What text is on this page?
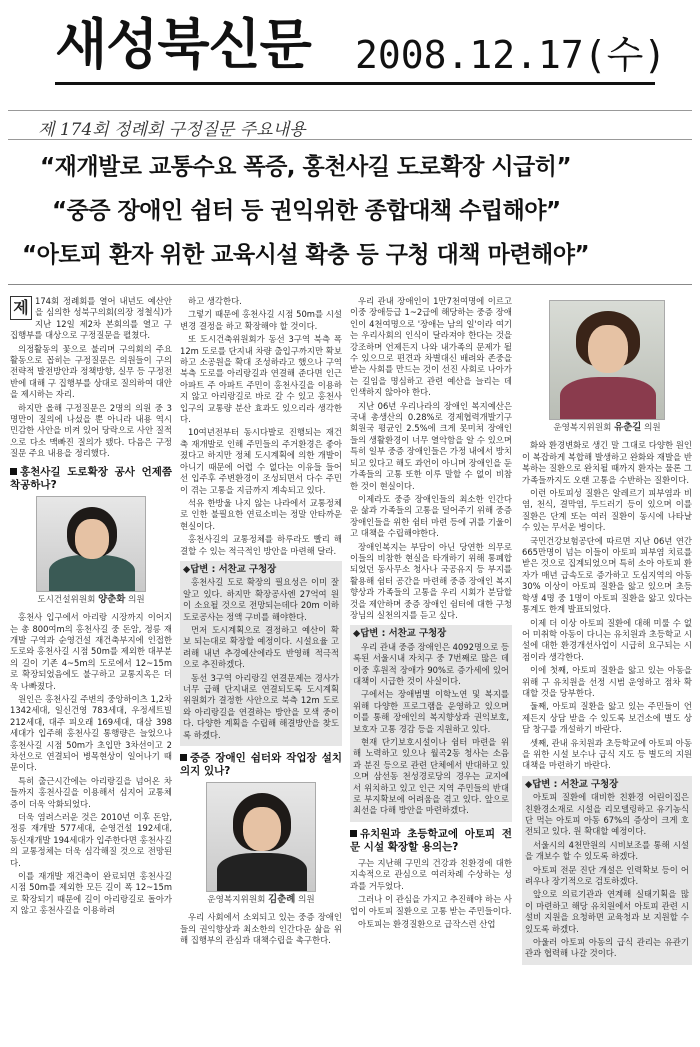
새성북신문 2008.12.17(수)
제 174회 정례회 구정질문 주요내용
“재개발로 교통수요 폭증, 홍천사길 도로확장 시급히”
“중증 장애인 쉼터 등 권익위한 종합대책 수립해야”
“아토피 환자 위한 교육시설 확충 등 구청 대책 마련해야”

제 174회 정례회를 열어 내년도 예산안을 심의한 성북구의회(의장 정철식)가 지난 12일 제2차 본회의를 열고 구 집행부를 대상으로 구정질문을 펼쳤다.

의정활동의 꽃으로 불리며 구의회의 주요 활동으로 꼽히는 구정질문은 의원들이 구의 전략적 발전방안과 정책방향, 실무 등 구정전반에 대해 구 집행부를 상대로 질의하여 대안을 제시하는 자리.

하지만 올해 구정질문은 2명의 의원 중 3명만이 질의에 나섰을 뿐 아니라 내용 역시 민감한 사안을 비켜 있어 당락으로 사안 질적으로 다소 맥빠진 질의가 됐다. 다음은 구정질문 주요 내용을 정리했다.

홍천사길 도로확장 공사 언제쯤 착공하나?
도시건설위원회 양춘화 의원

홍천사 입구에서 아리랑 시장까지 이어지는 총 800여m의 홍천사길 중 돈암, 정릉 재개발 구역과 순영건설 재건축부지에 인접한 도로와 홍천사길 시점 50m를 제외한 대부분의 길이 기존 4~5m의 도로에서 12~15m로 확장되었음에도 불구하고 교통지옥은 더욱 나빠졌다.

원인은 홍천사길 주변의 중앙하이츠 1,2차 1342세대, 일신건영 783세대, 우정세트빌 212세대, 대주 피오래 169세대, 대삼 398세대가 입주해 홍천사길 통행량은 늘었으나 홍천사길 시점 50m가 초입만 3차선이고 2차선으로 연결되어 병목현상이 일어나기 때문이다.

특히 출근시간에는 아리랑길을 넘어온 차들까지 홍천사길을 이용해서 심지어 교통체증이 더욱 악화되었다.

더욱 염려스러운 것은 2010년 이후 돈암, 정릉 재개발 577세대, 순영건설 192세대, 동신재개발 194세대가 입주한다면 홍천사길의 교통정체는 더욱 심각해질 것으로 전망된다.

이를 재개발 재건축이 완료되면 홍천사길 시점 50m를 제외한 모든 길이 폭 12~15m로 확장되기 때문에 길이 아리랑길로 돌아가지 않고 홍천사길을 이용하려

하고 생각한다.

그렇기 때문에 홍천사길 시점 50m를 시설변경 결정을 하고 확장해야 할 것이다.

또 도시건축위원회가 동선 3구역 북측 폭 12m 도로를 단지내 차량 출입구까지만 확보하고 소공원을 확대 조성하라고 했으나 구역 북측 도로를 아리랑길과 연결해 준다면 인근 아파트 주 아파트 주민이 홍천사길을 이용하지 않고 아리랑길로 바로 갈 수 있고 홍천사 입구의 교통량 분산 효과도 있으리라 생각한다.

10여년전부터 동시다발로 진행되는 재건축 재개발로 인해 주민들의 주거환경은 좋아졌다고 하지만 정체 도시계획에 의한 개발이 아니기 때문에 어렵 수 없다는 이유들 들어 선 입주후 주변환경이 조성되면서 다수 주민이 겪는 고통을 지금까지 계속되고 있다.

석유 한방울 나지 않는 나라에서 교통정체로 인한 불필요한 연료소비는 정말 안타까운 현실이다.

홍천사길의 교통정체를 하루라도 빨리 해결할 수 있는 적극적인 방안을 마련해 달라.

◆답변 : 서찬교 구청장

홍천사길 도로 확장의 필요성은 이미 잘 알고 있다. 하지만 확장공사엔 27억여 원이 소요될 것으로 전망되는데다 20m 이하 도로공사는 정액 구비를 해야한다.

먼저 도시계획으로 결정하고 예산이 확보 되는대로 확장할 예정이다. 시설요율 고려해 내년 추경예산에라도 반영해 적극적으로 추진하겠다.

동선 3구역 아리랑길 연결문제는 경사가 너무 급해 단지내로 연결되도록 도시계획위원회가 결정한 사안으로 북측 12m 도로와 아리랑길을 연결하는 방안을 모색 중이다. 다양한 계획을 수립해 해결방안을 찾도록 하겠다.

중증 장애인 쉼터와 작업장 설치 의지 있나?
운영복지위원회 김춘례 의원

우리 사회에서 소외되고 있는 중증 장애인들의 권익향상과 최소한의 인간다운 삶을 위해 집행부의 관심과 대책수립을 촉구한다.

우리 관내 장애인이 1만7천여명에 이르고 이중 장애등급 1~2급에 해당하는 중증 장애인이 4천여명으로 '장애는 남의 일'이라 여기는 우리사회의 인식이 달라져야 한다는 것을 강조하며 언제든지 나와 내가족의 문제가 될 수 있으므로 편견과 차별대신 배려와 존중을 받는 사회를 만드는 것이 선진 사회로 나아가는 길임을 명심하고 관련 예산을 늘리는 데 인색하지 않아야 한다.

지난 06년 우리나라의 장애인 복지예산은 국내 총생산의 0.28%로 경제협력개발기구 회원국 평균인 2.5%에 크게 못미쳐 장애인들의 생활환경이 너무 열악함을 알 수 있으며 특히 일부 중증 장애인들은 가정 내에서 방치되고 있다고 해도 과언이 아니며 장애인을 둔 가족들의 고통 또한 이루 말할 수 없이 비참한 것이 현실이다.

이제라도 중증 장애인들의 최소한 인간다운 삶과 가족들의 고통을 덜어주기 위해 중증 장애인들을 위한 쉼터 마련 등에 귀를 기울이고 대책을 수립해야한다.

장애인복지는 부담이 아닌 당연한 의무로 이들의 비참한 현실을 타개하기 위해 통폐합 되었던 동사무소 청사나 국공유지 등 부지를 활용해 쉼터 공간을 마련해 중증 장애인 복지향상과 가족들의 고통을 우리 시회가 분담할 것을 제안하며 중증 장애인 쉼터에 대한 구청장님의 실천의지를 듣고 싶다.

◆답변 : 서찬교 구청장

우리 관내 중증 장애인은 4092명으로 등록된 서울시내 자치구 중 7번째로 많은 데 이중 후원적 장애가 90%로 증가세에 있어 대책이 시급한 것이 사실이다.

구에서는 장애범별 이학노연 및 복지를 위해 다양한 프로그램을 운영하고 있으며 이를 통해 장애인의 복지향상과 권익보호, 보호자 고통 경감 등을 지원하고 있다.

현재 단기보호시설이나 쉼터 마련을 위해 노력하고 있으나 월곡2동 청사는 소음과 분진 등으로 관련 단체에서 반대하고 있으며 삼선동 천성경로당의 경우는 교지에서 위치하고 있고 인근 지역 주민들의 반대로 부지확보에 어려움을 겪고 있다. 앞으로 최선을 다해 방안을 마련하겠다.

유치원과 초등학교에 아토피 전문 시설 확장할 용의는?

구는 지난해 구민의 건강과 친환경에 대한 지속적으로 관심으로 여러차례 수상하는 성과를 거두었다.

그러나 이 관심을 가지고 추진해야 하는 사업이 아토피 질환으로 고통 받는 주민들이다.

아토피는 환경질환으로 급작스런 산업

운영복지위원회 유춘길 의원

화와 환경변화로 생긴 말 그대로 다양한 원인이 복잡하게 복합해 발생하고 완화와 재발을 반복하는 질환으로 완치될 때까지 환자는 물론 그 가족들까지도 오랜 고통을 수반하는 질환이다.

이런 아토피성 질환은 알레르기 피부염과 비염, 천식, 결막염, 두드러기 등이 있으며 이를 질환은 단계 또는 여러 질환이 동시에 나타날 수 있는 무서운 병이다.

국민건강보험공단에 따르면 지난 06년 연간 665만명이 넘는 이들이 아토피 피부염 치료를 받은 것으로 집계되었으며 특히 소아 아토피 환자가 매년 급속도로 증가하고 도심지역의 아동 30% 이상이 아토피 질환을 앓고 있으며 초등학생 4명 중 1명이 아토피 질환을 앓고 있다는 통계도 한계 발표되었다.

이제 더 이상 아토피 질환에 대해 미룰 수 없어 미취학 아동이 다니는 유치원과 초등학교 시설에 대한 환경개선사업이 시급히 요구되는 시점이라 생각한다.

이에 첫째, 아토피 질환을 앓고 있는 아동을 위해 구 유치원을 선정 시범 운영하고 점차 확대할 것을 당부한다.

둘째, 아토피 질환을 앓고 있는 주민들이 언제든지 상담 받을 수 있도록 보건소에 별도 상담 창구를 개설하기 바란다.

셋째, 관내 유치원과 초등학교에 아토피 아동을 위한 시설 보수나 급식 지도 등 별도의 지원 대책을 마련하기 바란다.

◆답변 : 서찬교 구청장

아토피 질환에 대비한 친환경 어린이집은 친환경소재로 시설을 리모델링하고 유기농식단 먹는 아토피 아동 67%의 증상이 크게 호전되고 있다. 원 확대할 예정이다.

서울시의 4천만원의 시비보조를 통해 시설을 개보수 할 수 있도록 하겠다.

아토피 전문 진단 개설은 인력확보 등이 어려우나 장기적으로 검토하겠다.

앞으로 의료기관과 연계해 실태기획을 많이 마련하고 해당 유치원에서 아토피 관련 시설비 지원을 요청하면 교육청과 보 지원할 수 있도록 하겠다.

아울러 아토피 아동의 급식 관리는 유관기관과 협력해 나갈 것이다.
